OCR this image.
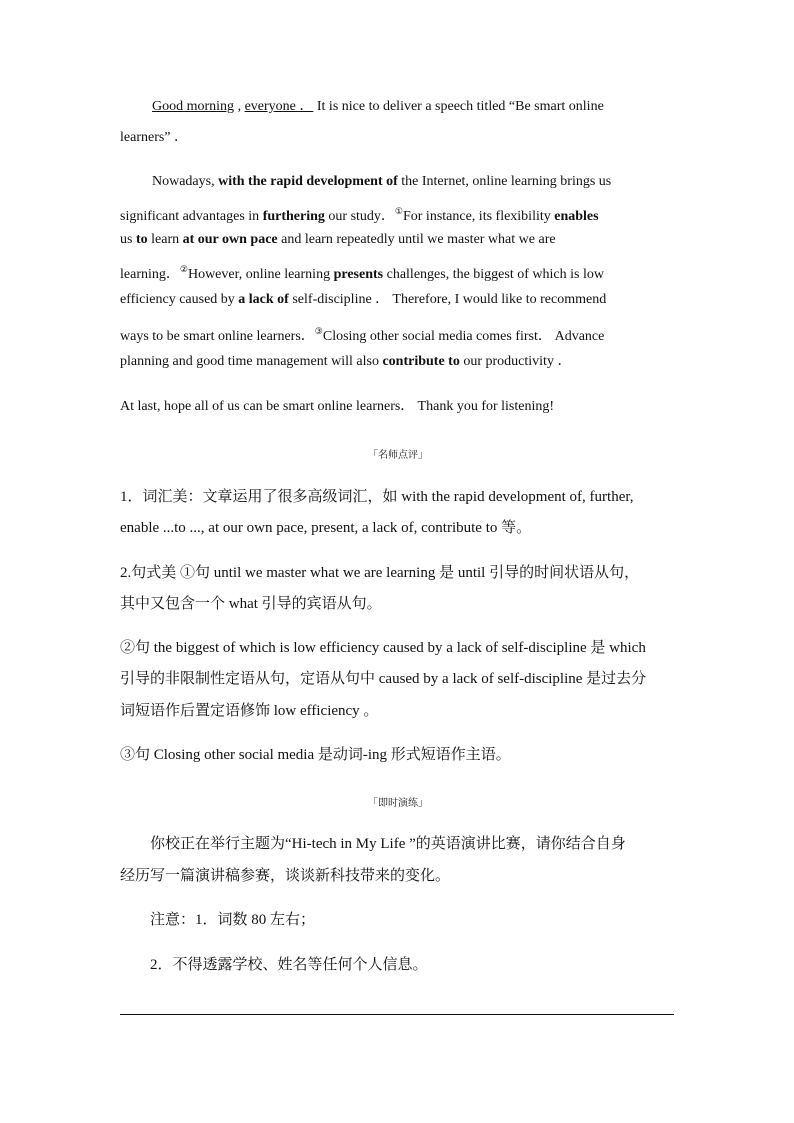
Good morning , everyone ． It is nice to deliver a speech titled “Be smart online
learners” ．
Nowadays, with the rapid development of the Internet, online learning brings us
significant advantages in furthering our study．①For instance, its flexibility enables
us to learn at our own pace and learn repeatedly until we master what we are
learning．②However, online learning presents challenges, the biggest of which is low
efficiency caused by a lack of self-discipline ． Therefore, I would like to recommend
ways to be smart online learners．③Closing other social media comes first． Advance
planning and good time management will also contribute to our productivity ．
At last, hope all of us can be smart online learners． Thank you for listening!
「名师点评」
1．词汇美：文章运用了很多高级词汇，如 with the rapid development of, further,
enable ...to ..., at our own pace, present, a lack of, contribute to 等。
2.句式美 ①句 until we master what we are learning 是 until 引导的时间状语从句，
其中又包含一个 what 引导的宾语从句。
②句 the biggest of which is low efficiency caused by a lack of self-discipline 是 which
引导的非限制性定语从句，定语从句中 caused by a lack of self-discipline 是过去分
词短语作后置定语修饰 low efficiency 。
③句 Closing other social media 是动词-ing 形式短语作主语。
「即时演练」
你校正在举行主题为“Hi-tech in My Life ”的英语演讲比赛，请你结合自身
经历写一篇演讲稿参赛，谈谈新科技带来的变化。
注意：1．词数 80 左右；
2．不得透露学校、姓名等任何个人信息。
